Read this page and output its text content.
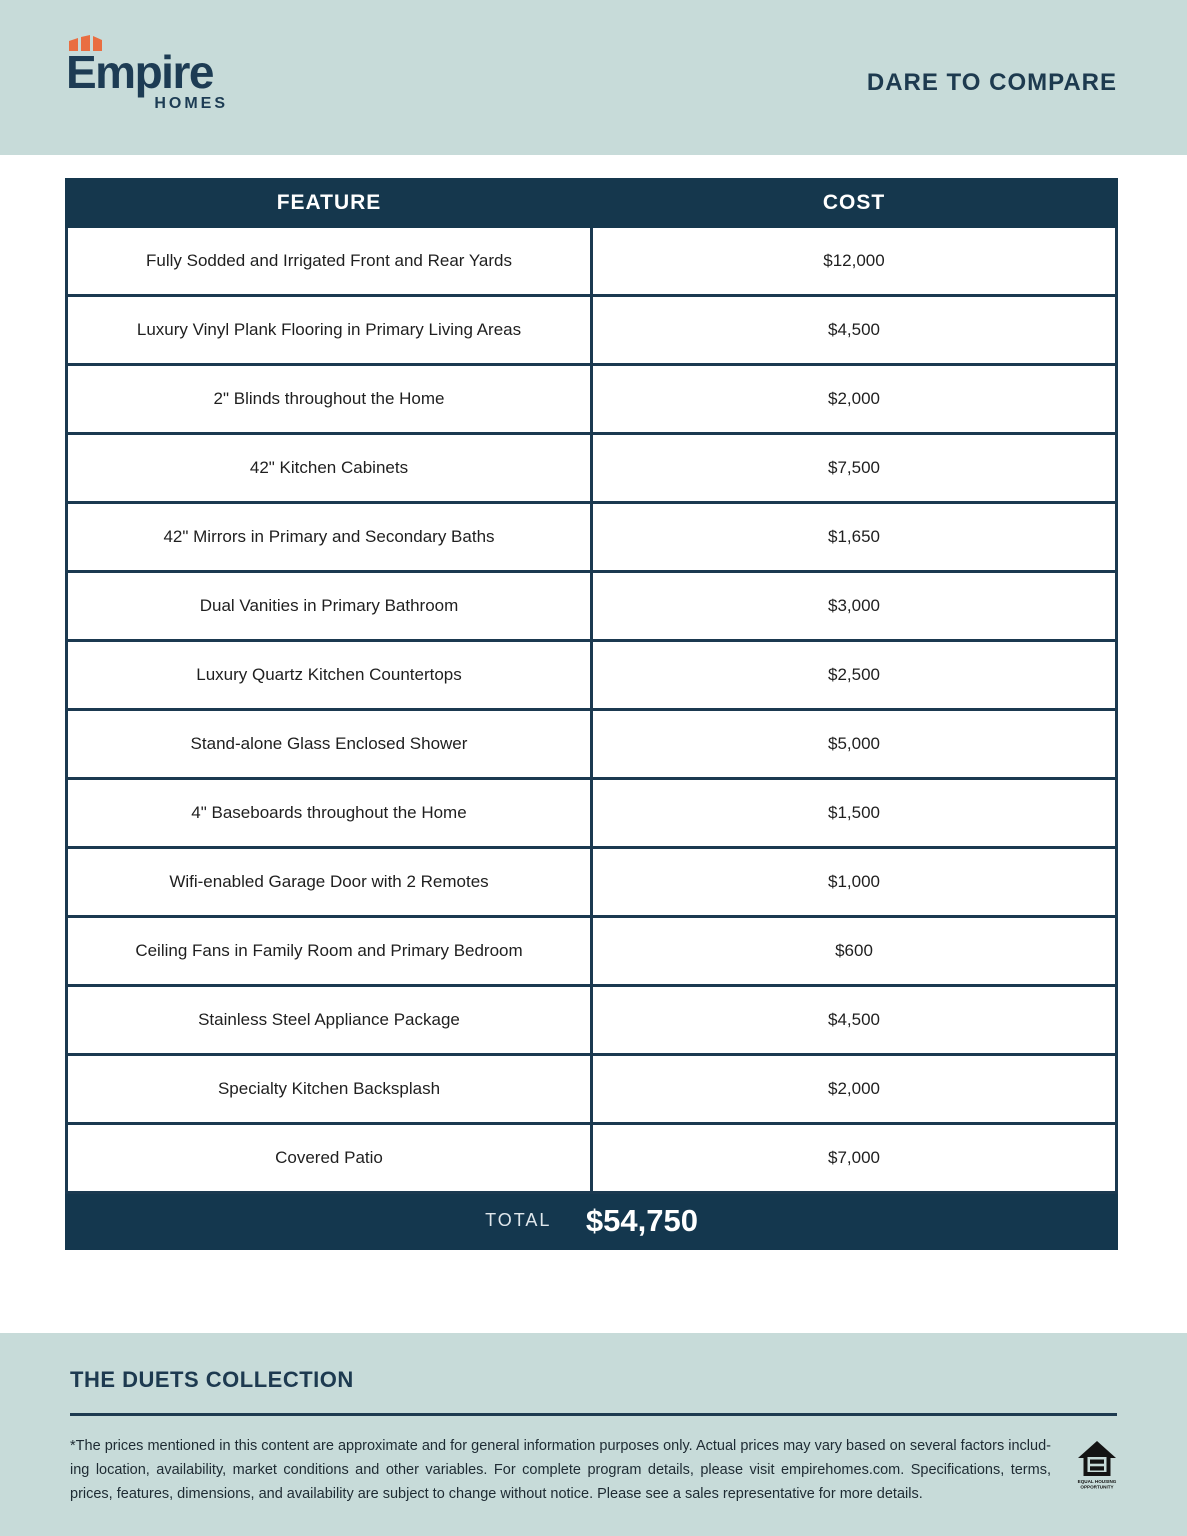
Empire
HOMES
DARE TO COMPARE
FEATURE	COST
Fully Sodded and Irrigated Front and Rear Yards	$12,000
Luxury Vinyl Plank Flooring in Primary Living Areas	$4,500
2" Blinds throughout the Home	$2,000
42" Kitchen Cabinets	$7,500
42" Mirrors in Primary and Secondary Baths	$1,650
Dual Vanities in Primary Bathroom	$3,000
Luxury Quartz Kitchen Countertops	$2,500
Stand-alone Glass Enclosed Shower	$5,000
4" Baseboards throughout the Home	$1,500
Wifi-enabled Garage Door with 2 Remotes	$1,000
Ceiling Fans in Family Room and Primary Bedroom	$600
Stainless Steel Appliance Package	$4,500
Specialty Kitchen Backsplash	$2,000
Covered Patio	$7,000
TOTAL $54,750	
THE DUETS COLLECTION

*The prices mentioned in this content are approximate and for general information purposes only. Actual prices may vary based on several factors includ-ing location, availability, market conditions and other variables. For complete program details, please visit empirehomes.com. Specifications, terms, prices, features, dimensions, and availability are subject to change without notice. Please see a sales representative for more details.

EQUAL HOUSING
OPPORTUNITY
